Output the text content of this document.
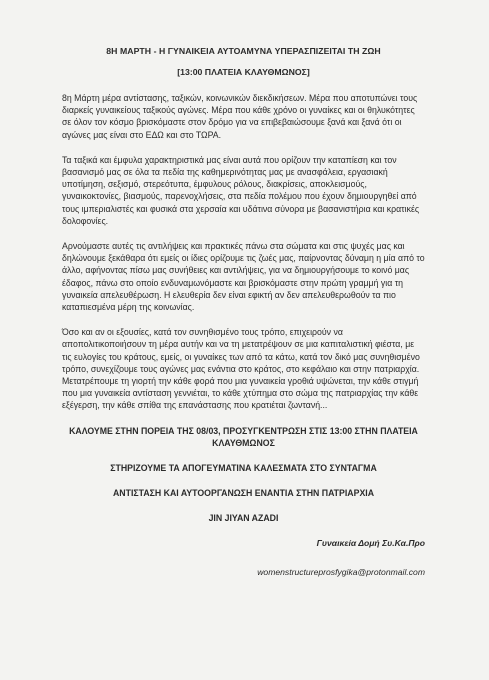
8Η ΜΑΡΤΗ - Η ΓΥΝΑΙΚΕΙΑ ΑΥΤΟΑΜΥΝΑ ΥΠΕΡΑΣΠΙΖΕΙΤΑΙ ΤΗ ΖΩΗ
[13:00 ΠΛΑΤΕΙΑ ΚΛΑΥΘΜΩΝΟΣ]

8η Μάρτη μέρα αντίστασης, ταξικών, κοινωνικών διεκδικήσεων. Μέρα που αποτυπώνει τους διαρκείς γυναικείους ταξικούς αγώνες. Μέρα που κάθε χρόνο οι γυναίκες και οι θηλυκότητες σε όλον τον κόσμο βρισκόμαστε στον δρόμο για να επιβεβαιώσουμε ξανά και ξανά ότι οι αγώνες μας είναι στο ΕΔΩ και στο ΤΩΡΑ.

Τα ταξικά και έμφυλα χαρακτηριστικά μας είναι αυτά που ορίζουν την καταπίεση και τον βασανισμό μας σε όλα τα πεδία της καθημερινότητας μας με ανασφάλεια, εργασιακή υποτίμηση, σεξισμό, στερεότυπα, έμφυλους ρόλους, διακρίσεις, αποκλεισμούς, γυναικοκτονίες, βιασμούς, παρενοχλήσεις, στα πεδία πολέμου που έχουν δημιουργηθεί από τους ιμπεριαλιστές και φυσικά στα χερσαία και υδάτινα σύνορα με βασανιστήρια και κρατικές δολοφονίες.

Αρνούμαστε αυτές τις αντιλήψεις και πρακτικές πάνω στα σώματα και στις ψυχές μας και δηλώνουμε ξεκάθαρα ότι εμείς οι ίδιες ορίζουμε τις ζωές μας, παίρνοντας δύναμη η μία από το άλλο, αφήνοντας πίσω μας συνήθειες και αντιλήψεις, για να δημιουργήσουμε το κοινό μας έδαφος, πάνω στο οποίο ενδυναμωνόμαστε και βρισκόμαστε στην πρώτη γραμμή για τη γυναικεία απελευθέρωση. Η ελευθερία δεν είναι εφικτή αν δεν απελευθερωθούν τα πιο καταπιεσμένα μέρη της κοινωνίας.

Όσο και αν οι εξουσίες, κατά τον συνηθισμένο τους τρόπο, επιχειρούν να αποπολιτικοποιήσουν τη μέρα αυτήν και να τη μετατρέψουν σε μια καπιταλιστική φιέστα, με τις ευλογίες του κράτους, εμείς, οι γυναίκες των από τα κάτω, κατά τον δικό μας συνηθισμένο τρόπο, συνεχίζουμε τους αγώνες μας ενάντια στο κράτος, στο κεφάλαιο και στην πατριαρχία. Μετατρέπουμε τη γιορτή την κάθε φορά που μια γυναικεία γροθιά υψώνεται, την κάθε στιγμή που μια γυναικεία αντίσταση γεννιέται, το κάθε χτύπημα στο σώμα της πατριαρχίας την κάθε εξέγερση, την κάθε σπίθα της επανάστασης που κρατιέται ζωντανή...

ΚΑΛΟΥΜΕ ΣΤΗΝ ΠΟΡΕΙΑ ΤΗΣ 08/03, ΠΡΟΣΥΓΚΕΝΤΡΩΣΗ ΣΤΙΣ 13:00 ΣΤΗΝ ΠΛΑΤΕΙΑ ΚΛΑΥΘΜΩΝΟΣ
ΣΤΗΡΙΖΟΥΜΕ ΤΑ ΑΠΟΓΕΥΜΑΤΙΝΑ ΚΑΛΕΣΜΑΤΑ ΣΤΟ ΣΥΝΤΑΓΜΑ
ΑΝΤΙΣΤΑΣΗ ΚΑΙ ΑΥΤΟΟΡΓΑΝΩΣΗ ΕΝΑΝΤΙΑ ΣΤΗΝ ΠΑΤΡΙΑΡΧΙΑ
JIN JIYAN AZADI
Γυναικεία Δομή Συ.Κα.Προ
womenstructureprosfygika@protonmail.com
